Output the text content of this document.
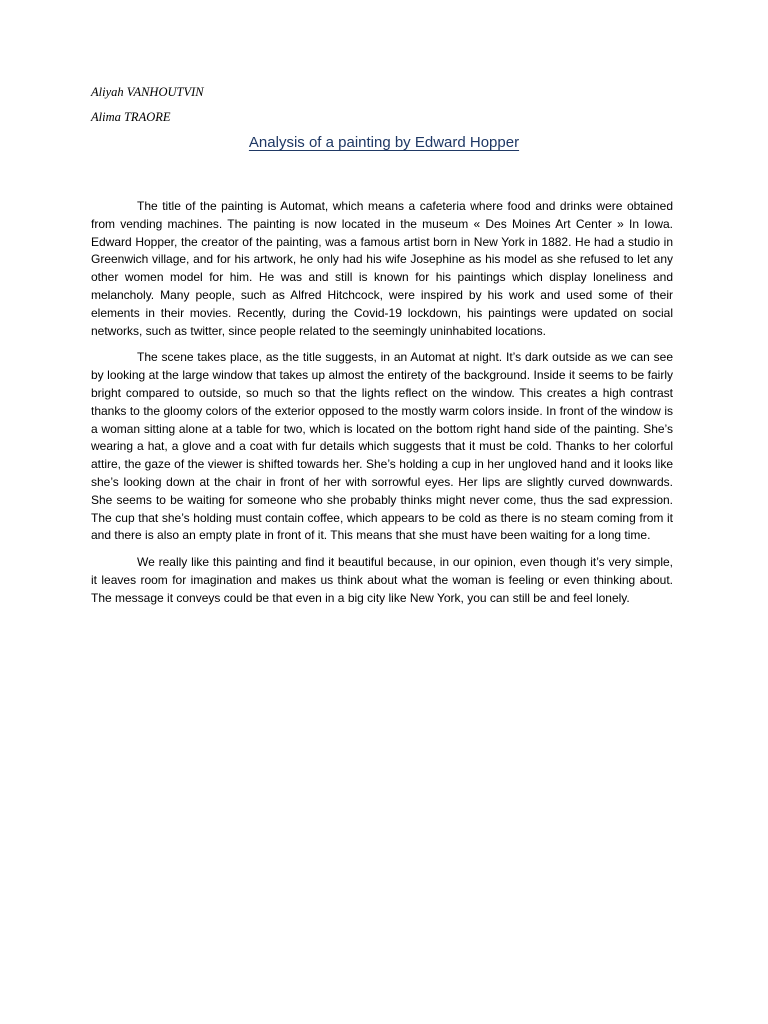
Aliyah VANHOUTVIN
Alima TRAORE
Analysis of a painting by Edward Hopper

The title of the painting is Automat, which means a cafeteria where food and drinks were obtained from vending machines. The painting is now located in the museum « Des Moines Art Center » In Iowa. Edward Hopper, the creator of the painting, was a famous artist born in New York in 1882. He had a studio in Greenwich village, and for his artwork, he only had his wife Josephine as his model as she refused to let any other women model for him. He was and still is known for his paintings which display loneliness and melancholy. Many people, such as Alfred Hitchcock, were inspired by his work and used some of their elements in their movies. Recently, during the Covid-19 lockdown, his paintings were updated on social networks, such as twitter, since people related to the seemingly uninhabited locations.

The scene takes place, as the title suggests, in an Automat at night. It’s dark outside as we can see by looking at the large window that takes up almost the entirety of the background. Inside it seems to be fairly bright compared to outside, so much so that the lights reflect on the window. This creates a high contrast thanks to the gloomy colors of the exterior opposed to the mostly warm colors inside. In front of the window is a woman sitting alone at a table for two, which is located on the bottom right hand side of the painting. She’s wearing a hat, a glove and a coat with fur details which suggests that it must be cold. Thanks to her colorful attire, the gaze of the viewer is shifted towards her. She’s holding a cup in her ungloved hand and it looks like she’s looking down at the chair in front of her with sorrowful eyes. Her lips are slightly curved downwards. She seems to be waiting for someone who she probably thinks might never come, thus the sad expression. The cup that she’s holding must contain coffee, which appears to be cold as there is no steam coming from it and there is also an empty plate in front of it. This means that she must have been waiting for a long time.

We really like this painting and find it beautiful because, in our opinion, even though it’s very simple, it leaves room for imagination and makes us think about what the woman is feeling or even thinking about. The message it conveys could be that even in a big city like New York, you can still be and feel lonely.
